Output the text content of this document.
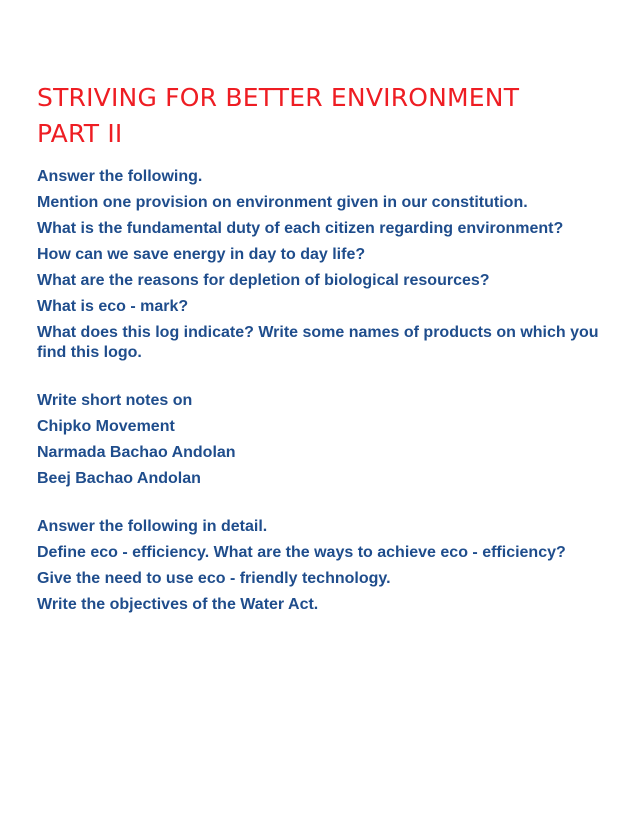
STRIVING FOR BETTER ENVIRONMENT
PART II
Answer the following.
Mention one provision on environment given in our constitution.
What is the fundamental duty of each citizen regarding environment?
How can we save energy in day to day life?
What are the reasons for depletion of biological resources?
What is eco - mark?
What does this log indicate? Write some names of products on which you find this logo.
Write short notes on
Chipko Movement
Narmada Bachao Andolan
Beej Bachao Andolan
Answer the following in detail.
Define eco - efficiency. What are the ways to achieve eco - efficiency?
Give the need to use eco - friendly technology.
Write the objectives of the Water Act.
